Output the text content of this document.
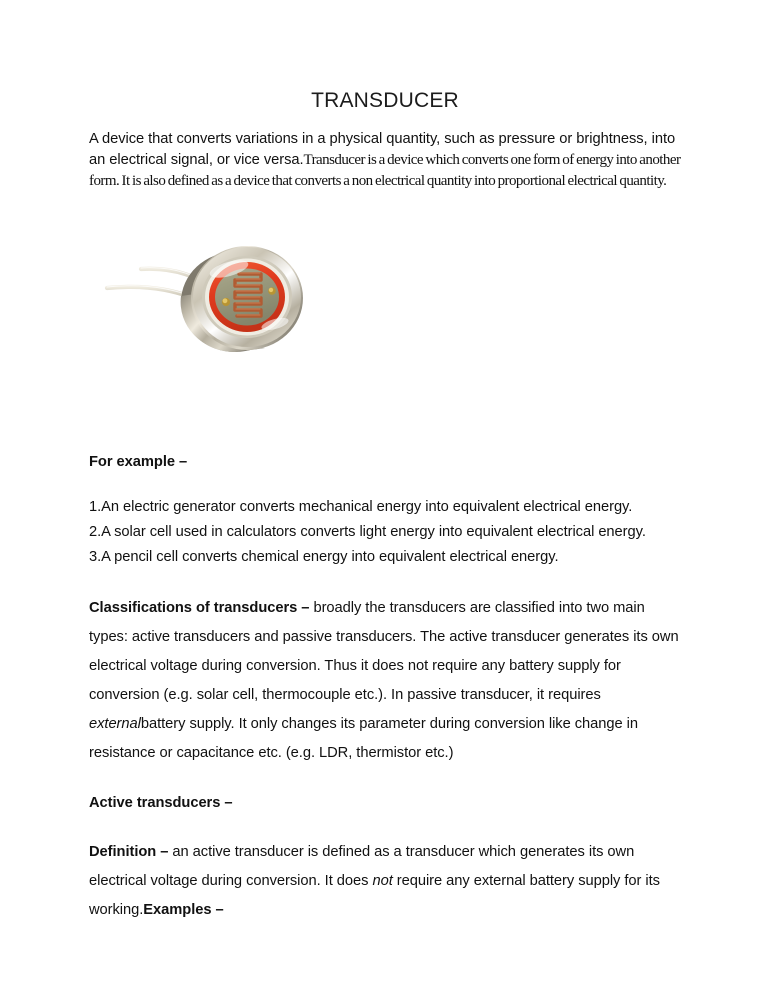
TRANSDUCER

A device that converts variations in a physical quantity, such as pressure or brightness, into an electrical signal, or vice versa.Transducer is a device which converts one form of energy into another form. It is also defined as a device that converts a non electrical quantity into proportional electrical quantity.

For example –

1.An electric generator converts mechanical energy into equivalent electrical energy.
2.A solar cell used in calculators converts light energy into equivalent electrical energy.
3.A pencil cell converts chemical energy into equivalent electrical energy.

Classifications of transducers – broadly the transducers are classified into two main types: active transducers and passive transducers. The active transducer generates its own electrical voltage during conversion. Thus it does not require any battery supply for conversion (e.g. solar cell, thermocouple etc.). In passive transducer, it requires externalbattery supply. It only changes its parameter during conversion like change in resistance or capacitance etc. (e.g. LDR, thermistor etc.)

Active transducers –

Definition – an active transducer is defined as a transducer which generates its own electrical voltage during conversion. It does not require any external battery supply for its working.Examples –
